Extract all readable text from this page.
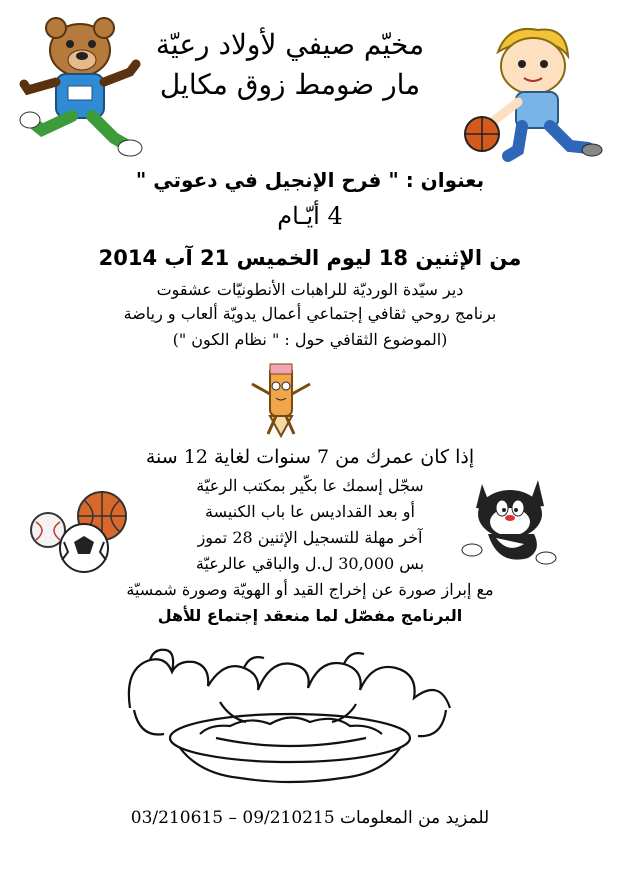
مخيّم صيفي لأولاد رعيّة
مار ضومط زوق مكايل
بعنوان : " فرح الإنجيل في دعوتي "
4 أيّـام
من الإثنين 18 ليوم الخميس 21 آب 2014
دير سيّدة الورديّة للراهبات الأنطونيّات عشقوت
برنامج روحي ثقافي إجتماعي أعمال يدويّة ألعاب و رياضة
(الموضوع الثقافي حول : " نظام الكون ")
إذا كان عمرك من 7 سنوات لغاية 12 سنة
سجّل إسمك عا بكّير بمكتب الرعيّة
أو بعد القداديس عا باب الكنيسة
آخر مهلة للتسجيل الإثنين 28 تموز
بس 30,000 ل.ل والباقي عالرعيّة
مع إبراز صورة عن إخراج القيد أو الهويّة وصورة شمسيّة
البرنامج مفصّل لما منعقد إجتماع للأهل
للمزيد من المعلومات 09/210215 – 03/210615
